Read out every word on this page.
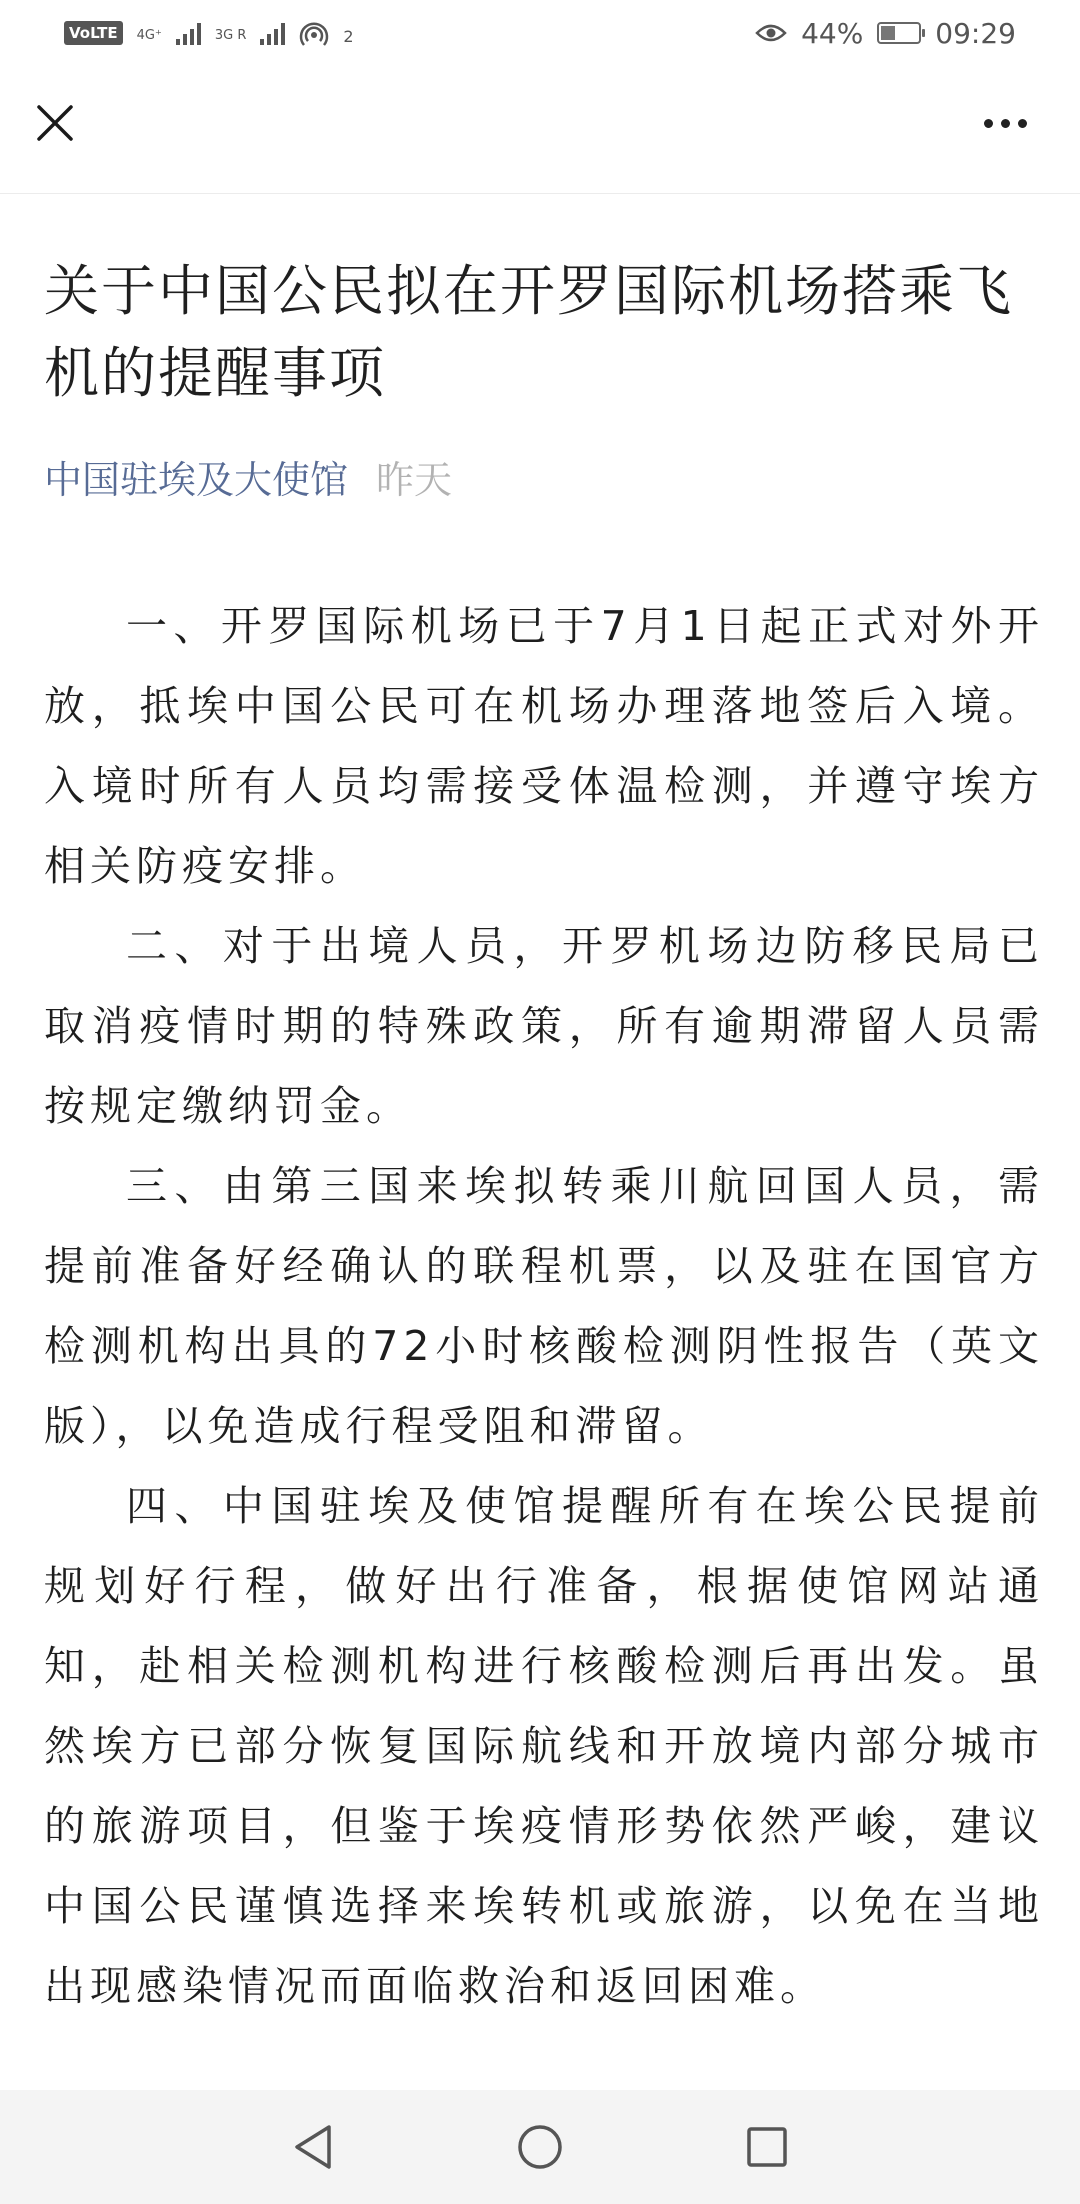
VoLTE	4G⁺	3G R	2	44%	09:29
关于中国公民拟在开罗国际机场搭乘飞机的提醒事项
中国驻埃及大使馆 昨天

一、开罗国际机场已于7月1日起正式对外开放，抵埃中国公民可在机场办理落地签后入境。入境时所有人员均需接受体温检测，并遵守埃方相关防疫安排。

二、对于出境人员，开罗机场边防移民局已取消疫情时期的特殊政策，所有逾期滞留人员需按规定缴纳罚金。

三、由第三国来埃拟转乘川航回国人员，需提前准备好经确认的联程机票，以及驻在国官方检测机构出具的72小时核酸检测阴性报告（英文版），以免造成行程受阻和滞留。

四、中国驻埃及使馆提醒所有在埃公民提前规划好行程，做好出行准备，根据使馆网站通知，赴相关检测机构进行核酸检测后再出发。虽然埃方已部分恢复国际航线和开放境内部分城市的旅游项目，但鉴于埃疫情形势依然严峻，建议中国公民谨慎选择来埃转机或旅游，以免在当地出现感染情况而面临救治和返回困难。
